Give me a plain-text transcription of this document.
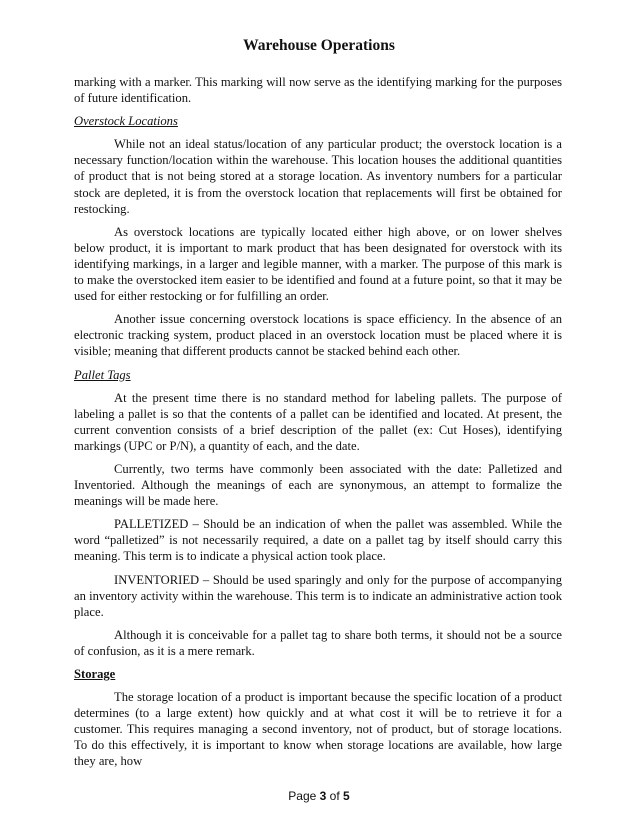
Warehouse Operations

marking with a marker. This marking will now serve as the identifying marking for the purposes of future identification.

Overstock Locations

While not an ideal status/location of any particular product; the overstock location is a necessary function/location within the warehouse. This location houses the additional quantities of product that is not being stored at a storage location. As inventory numbers for a particular stock are depleted, it is from the overstock location that replacements will first be obtained for restocking.

As overstock locations are typically located either high above, or on lower shelves below product, it is important to mark product that has been designated for overstock with its identifying markings, in a larger and legible manner, with a marker. The purpose of this mark is to make the overstocked item easier to be identified and found at a future point, so that it may be used for either restocking or for fulfilling an order.

Another issue concerning overstock locations is space efficiency. In the absence of an electronic tracking system, product placed in an overstock location must be placed where it is visible; meaning that different products cannot be stacked behind each other.

Pallet Tags

At the present time there is no standard method for labeling pallets. The purpose of labeling a pallet is so that the contents of a pallet can be identified and located. At present, the current convention consists of a brief description of the pallet (ex: Cut Hoses), identifying markings (UPC or P/N), a quantity of each, and the date.

Currently, two terms have commonly been associated with the date: Palletized and Inventoried. Although the meanings of each are synonymous, an attempt to formalize the meanings will be made here.

PALLETIZED – Should be an indication of when the pallet was assembled. While the word “palletized” is not necessarily required, a date on a pallet tag by itself should carry this meaning. This term is to indicate a physical action took place.

INVENTORIED – Should be used sparingly and only for the purpose of accompanying an inventory activity within the warehouse. This term is to indicate an administrative action took place.

Although it is conceivable for a pallet tag to share both terms, it should not be a source of confusion, as it is a mere remark.

Storage

The storage location of a product is important because the specific location of a product determines (to a large extent) how quickly and at what cost it will be to retrieve it for a customer. This requires managing a second inventory, not of product, but of storage locations. To do this effectively, it is important to know when storage locations are available, how large they are, how

Page 3 of 5
